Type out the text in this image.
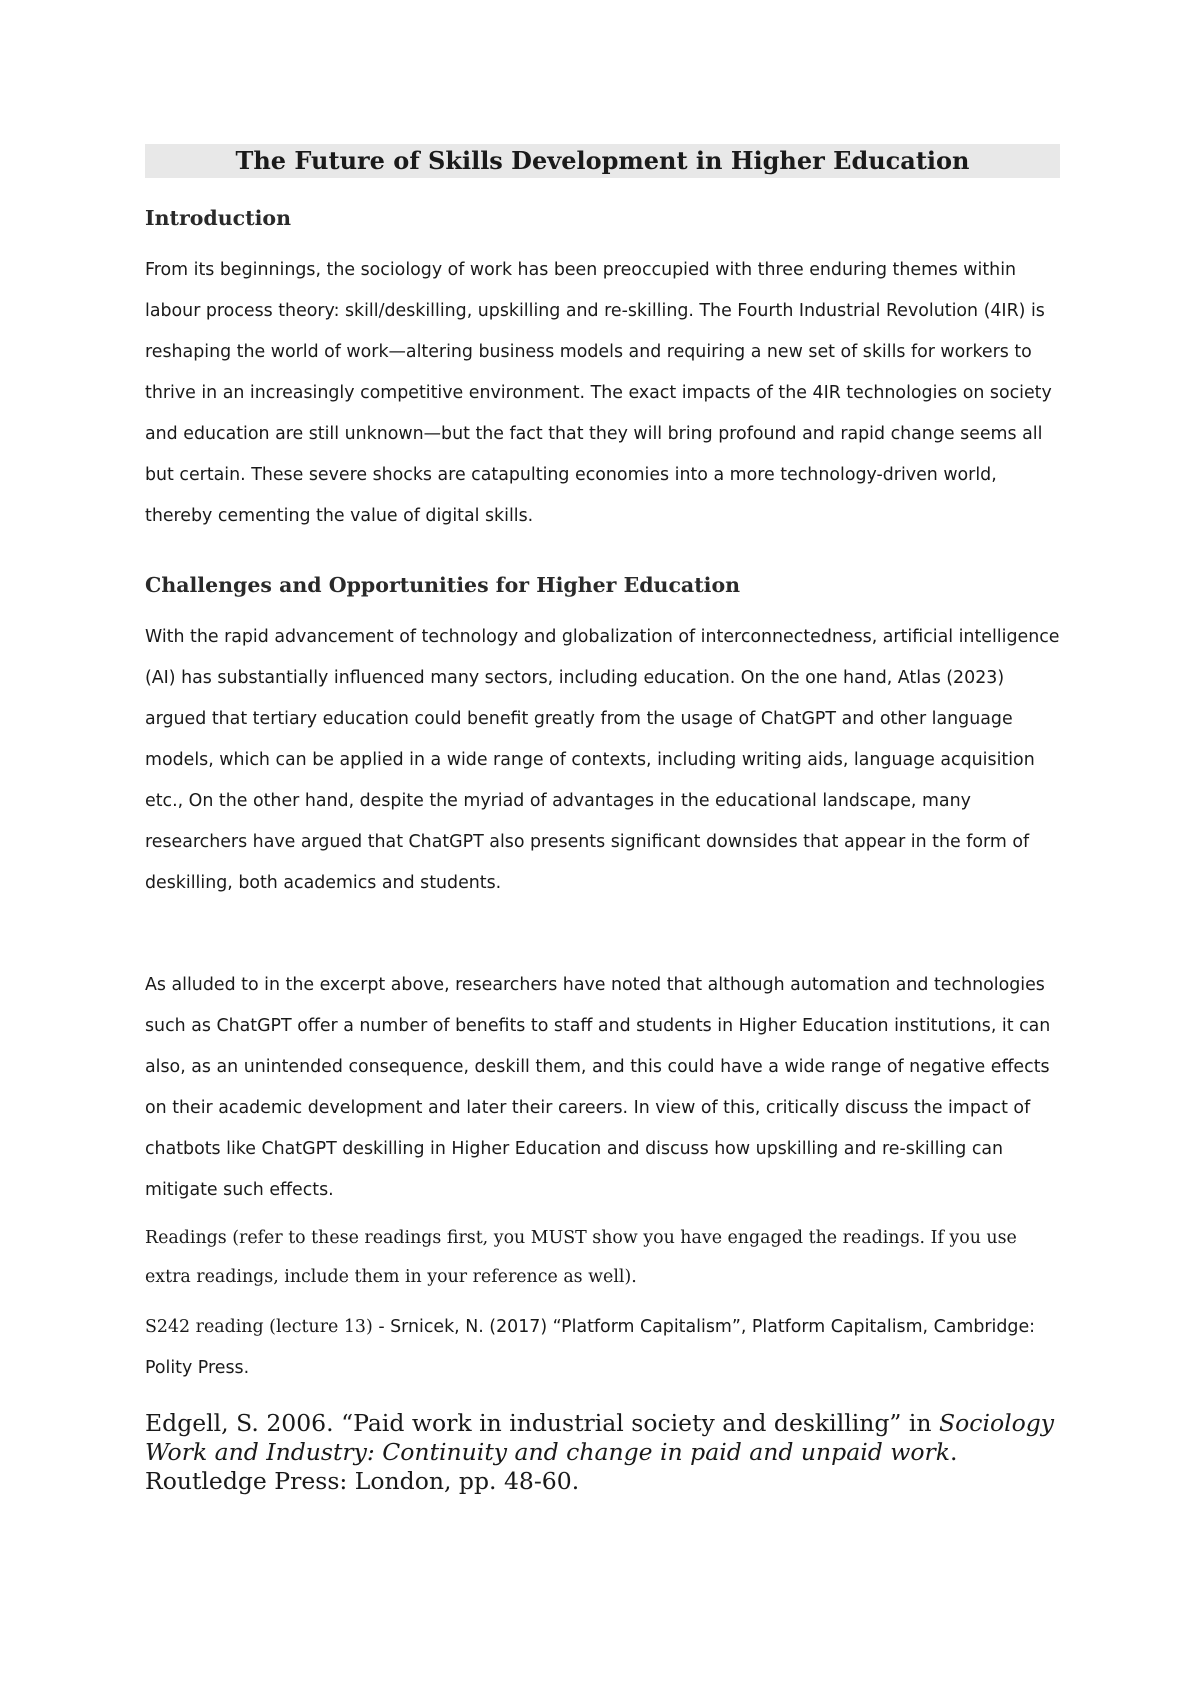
The Future of Skills Development in Higher Education
Introduction

From its beginnings, the sociology of work has been preoccupied with three enduring themes within labour process theory: skill/deskilling, upskilling and re-skilling. The Fourth Industrial Revolution (4IR) is reshaping the world of work—altering business models and requiring a new set of skills for workers to thrive in an increasingly competitive environment. The exact impacts of the 4IR technologies on society and education are still unknown—but the fact that they will bring profound and rapid change seems all but certain. These severe shocks are catapulting economies into a more technology-driven world, thereby cementing the value of digital skills.

Challenges and Opportunities for Higher Education

With the rapid advancement of technology and globalization of interconnectedness, artificial intelligence (AI) has substantially influenced many sectors, including education. On the one hand, Atlas (2023) argued that tertiary education could benefit greatly from the usage of ChatGPT and other language models, which can be applied in a wide range of contexts, including writing aids, language acquisition etc., On the other hand, despite the myriad of advantages in the educational landscape, many researchers have argued that ChatGPT also presents significant downsides that appear in the form of deskilling, both academics and students.

As alluded to in the excerpt above, researchers have noted that although automation and technologies such as ChatGPT offer a number of benefits to staff and students in Higher Education institutions, it can also, as an unintended consequence, deskill them, and this could have a wide range of negative effects on their academic development and later their careers. In view of this, critically discuss the impact of chatbots like ChatGPT deskilling in Higher Education and discuss how upskilling and re-skilling can mitigate such effects.

Readings (refer to these readings first, you MUST show you have engaged the readings. If you use extra readings, include them in your reference as well).

S242 reading (lecture 13) - Srnicek, N. (2017) “Platform Capitalism”, Platform Capitalism, Cambridge: Polity Press.

Edgell, S. 2006. “Paid work in industrial society and deskilling” in Sociology Work and Industry: Continuity and change in paid and unpaid work. Routledge Press: London, pp. 48-60.
